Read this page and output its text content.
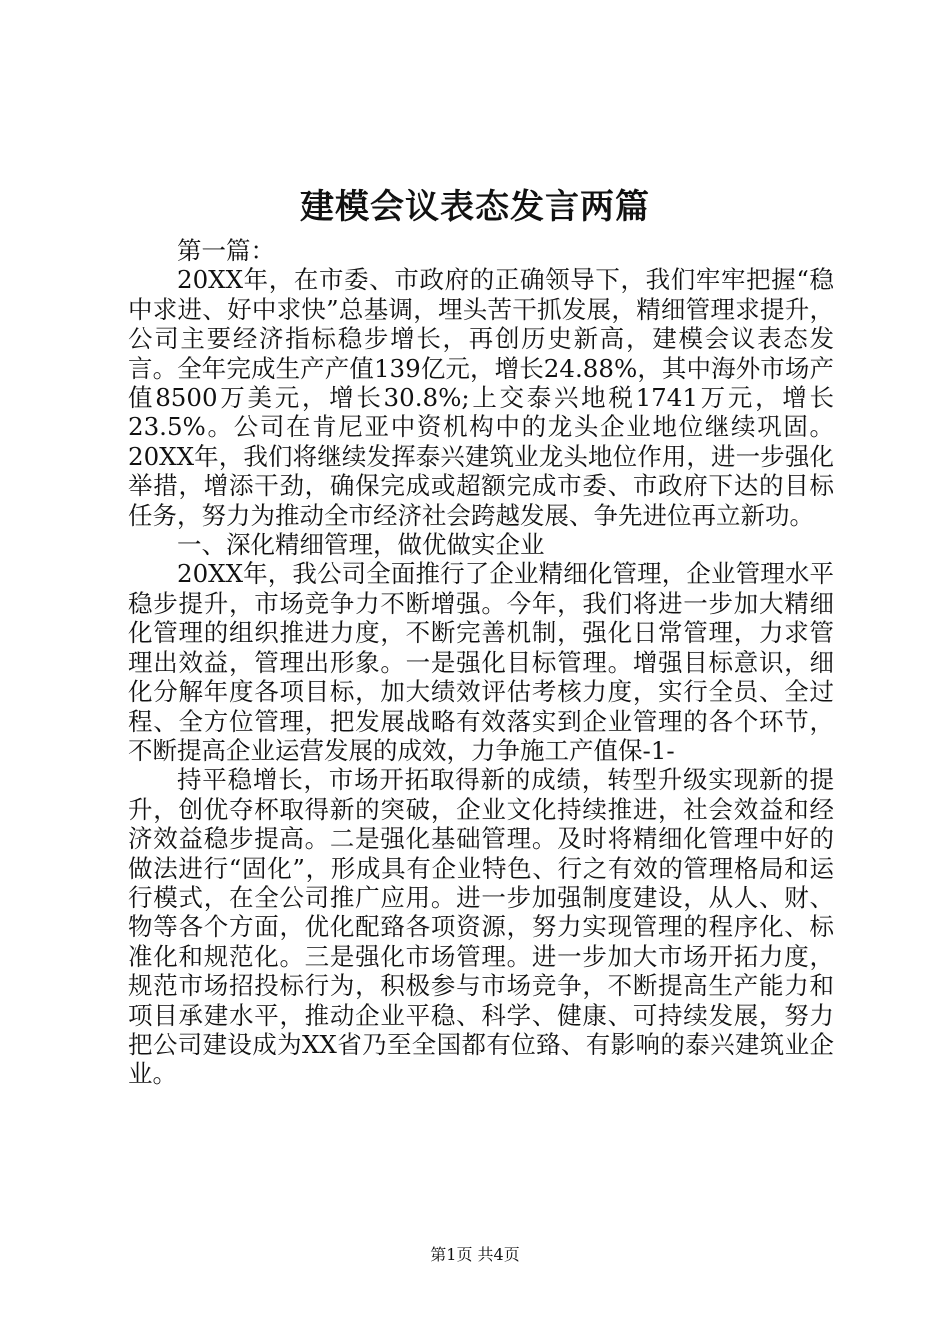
建模会议表态发言两篇

第一篇：

20XX年，在市委、市政府的正确领导下，我们牢牢把握“稳中求进、好中求快”总基调，埋头苦干抓发展，精细管理求提升，公司主要经济指标稳步增长，再创历史新高，建模会议表态发言。全年完成生产产值139亿元，增长24.88%，其中海外市场产值8500万美元，增长30.8%;上交泰兴地税1741万元，增长23.5%。公司在肯尼亚中资机构中的龙头企业地位继续巩固。20XX年，我们将继续发挥泰兴建筑业龙头地位作用，进一步强化举措，增添干劲，确保完成或超额完成市委、市政府下达的目标任务，努力为推动全市经济社会跨越发展、争先进位再立新功。

一、深化精细管理，做优做实企业

20XX年，我公司全面推行了企业精细化管理，企业管理水平稳步提升，市场竞争力不断增强。今年，我们将进一步加大精细化管理的组织推进力度，不断完善机制，强化日常管理，力求管理出效益，管理出形象。一是强化目标管理。增强目标意识，细化分解年度各项目标，加大绩效评估考核力度，实行全员、全过程、全方位管理，把发展战略有效落实到企业管理的各个环节，不断提高企业运营发展的成效，力争施工产值保-1-

持平稳增长，市场开拓取得新的成绩，转型升级实现新的提升，创优夺杯取得新的突破，企业文化持续推进，社会效益和经济效益稳步提高。二是强化基础管理。及时将精细化管理中好的做法进行“固化”，形成具有企业特色、行之有效的管理格局和运行模式，在全公司推广应用。进一步加强制度建设，从人、财、物等各个方面，优化配臵各项资源，努力实现管理的程序化、标准化和规范化。三是强化市场管理。进一步加大市场开拓力度，规范市场招投标行为，积极参与市场竞争，不断提高生产能力和项目承建水平，推动企业平稳、科学、健康、可持续发展，努力把公司建设成为XX省乃至全国都有位臵、有影响的泰兴建筑业企业。

第1页 共4页
